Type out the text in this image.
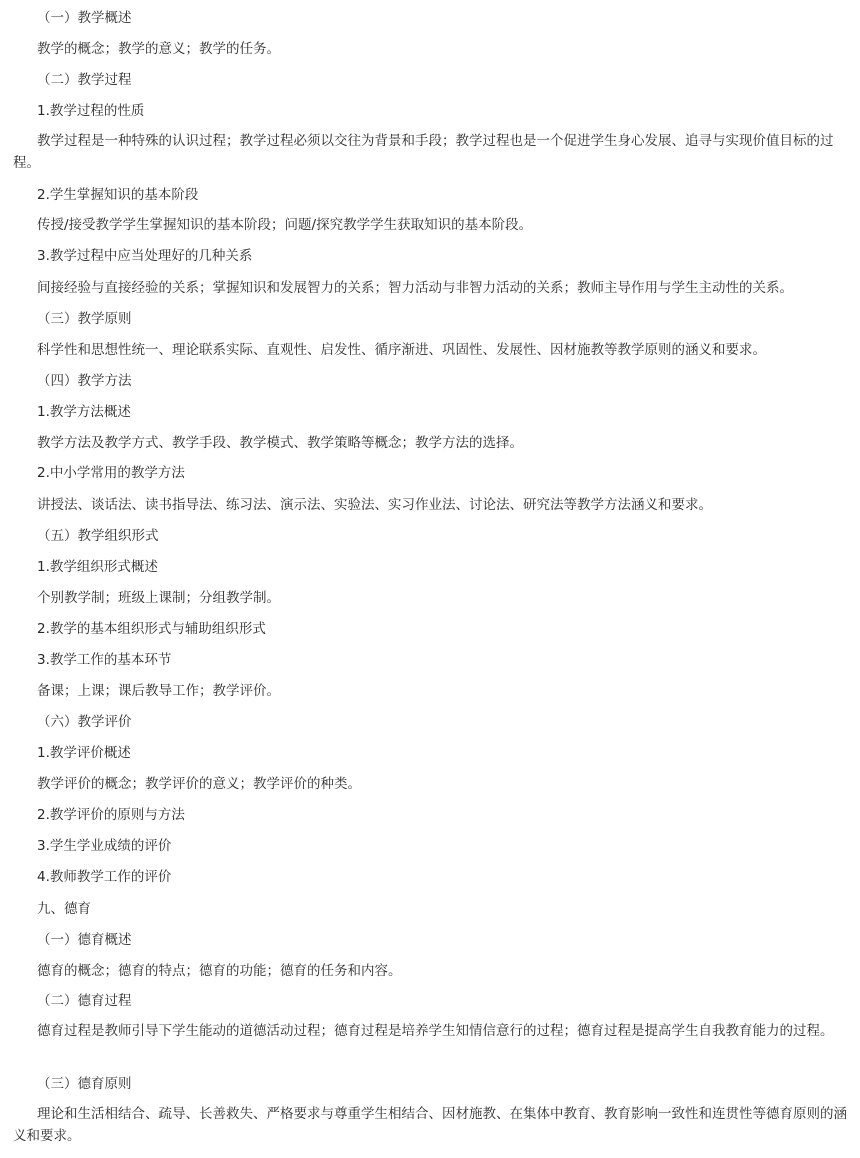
（一）教学概述
教学的概念；教学的意义；教学的任务。
（二）教学过程
1.教学过程的性质
教学过程是一种特殊的认识过程；教学过程必须以交往为背景和手段；教学过程也是一个促进学生身心发展、追寻与实现价值目标的过程。
2.学生掌握知识的基本阶段
传授/接受教学学生掌握知识的基本阶段；问题/探究教学学生获取知识的基本阶段。
3.教学过程中应当处理好的几种关系
间接经验与直接经验的关系；掌握知识和发展智力的关系；智力活动与非智力活动的关系；教师主导作用与学生主动性的关系。
（三）教学原则
科学性和思想性统一、理论联系实际、直观性、启发性、循序渐进、巩固性、发展性、因材施教等教学原则的涵义和要求。
（四）教学方法
1.教学方法概述
教学方法及教学方式、教学手段、教学模式、教学策略等概念；教学方法的选择。
2.中小学常用的教学方法
讲授法、谈话法、读书指导法、练习法、演示法、实验法、实习作业法、讨论法、研究法等教学方法涵义和要求。
（五）教学组织形式
1.教学组织形式概述
个别教学制；班级上课制；分组教学制。
2.教学的基本组织形式与辅助组织形式
3.教学工作的基本环节
备课；上课；课后教导工作；教学评价。
（六）教学评价
1.教学评价概述
教学评价的概念；教学评价的意义；教学评价的种类。
2.教学评价的原则与方法
3.学生学业成绩的评价
4.教师教学工作的评价
九、德育
（一）德育概述
德育的概念；德育的特点；德育的功能；德育的任务和内容。
（二）德育过程
德育过程是教师引导下学生能动的道德活动过程；德育过程是培养学生知情信意行的过程；德育过程是提高学生自我教育能力的过程。
（三）德育原则
理论和生活相结合、疏导、长善救失、严格要求与尊重学生相结合、因材施教、在集体中教育、教育影响一致性和连贯性等德育原则的涵义和要求。
